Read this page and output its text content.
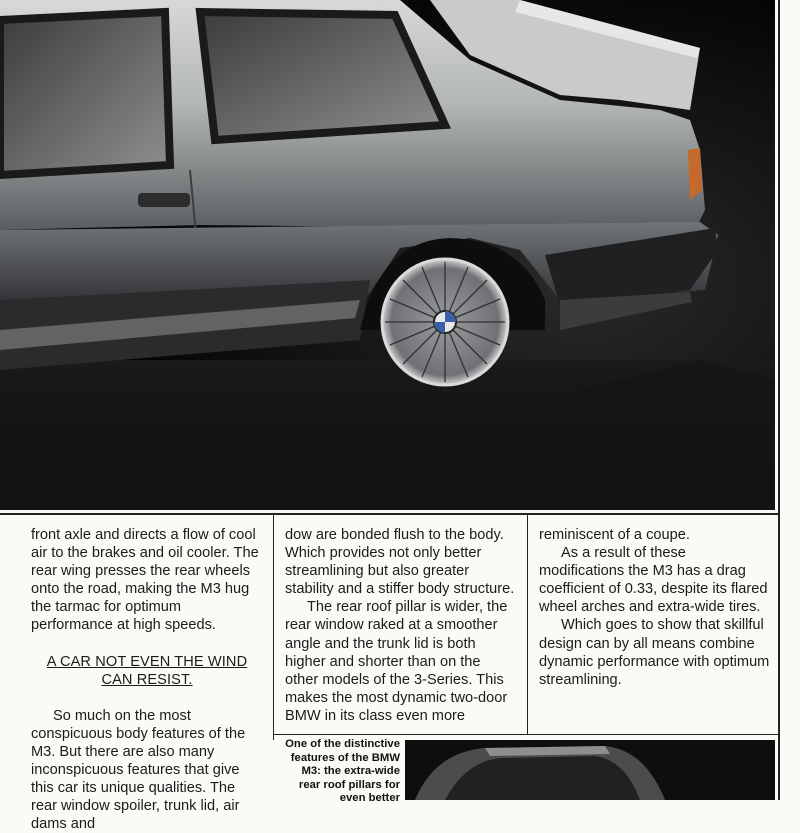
front axle and directs a flow of cool air to the brakes and oil cooler. The rear wing presses the rear wheels onto the road, making the M3 hug the tarmac for optimum performance at high speeds.

A CAR NOT EVEN THE WIND
CAN RESIST.

So much on the most conspicuous body features of the M3. But there are also many inconspicuous features that give this car its unique qualities. The rear window spoiler, trunk lid, air dams and

dow are bonded flush to the body. Which provides not only better streamlining but also greater stability and a stiffer body structure.

The rear roof pillar is wider, the rear window raked at a smoother angle and the trunk lid is both higher and shorter than on the other models of the 3-Series. This makes the most dynamic two-door BMW in its class even more

reminiscent of a coupe.

As a result of these modifications the M3 has a drag coefficient of 0.33, despite its flared wheel arches and extra-wide tires.

Which goes to show that skillful design can by all means combine dynamic performance with optimum streamlining.

One of the distinctive features of the BMW M3: the extra-wide rear roof pillars for even better
